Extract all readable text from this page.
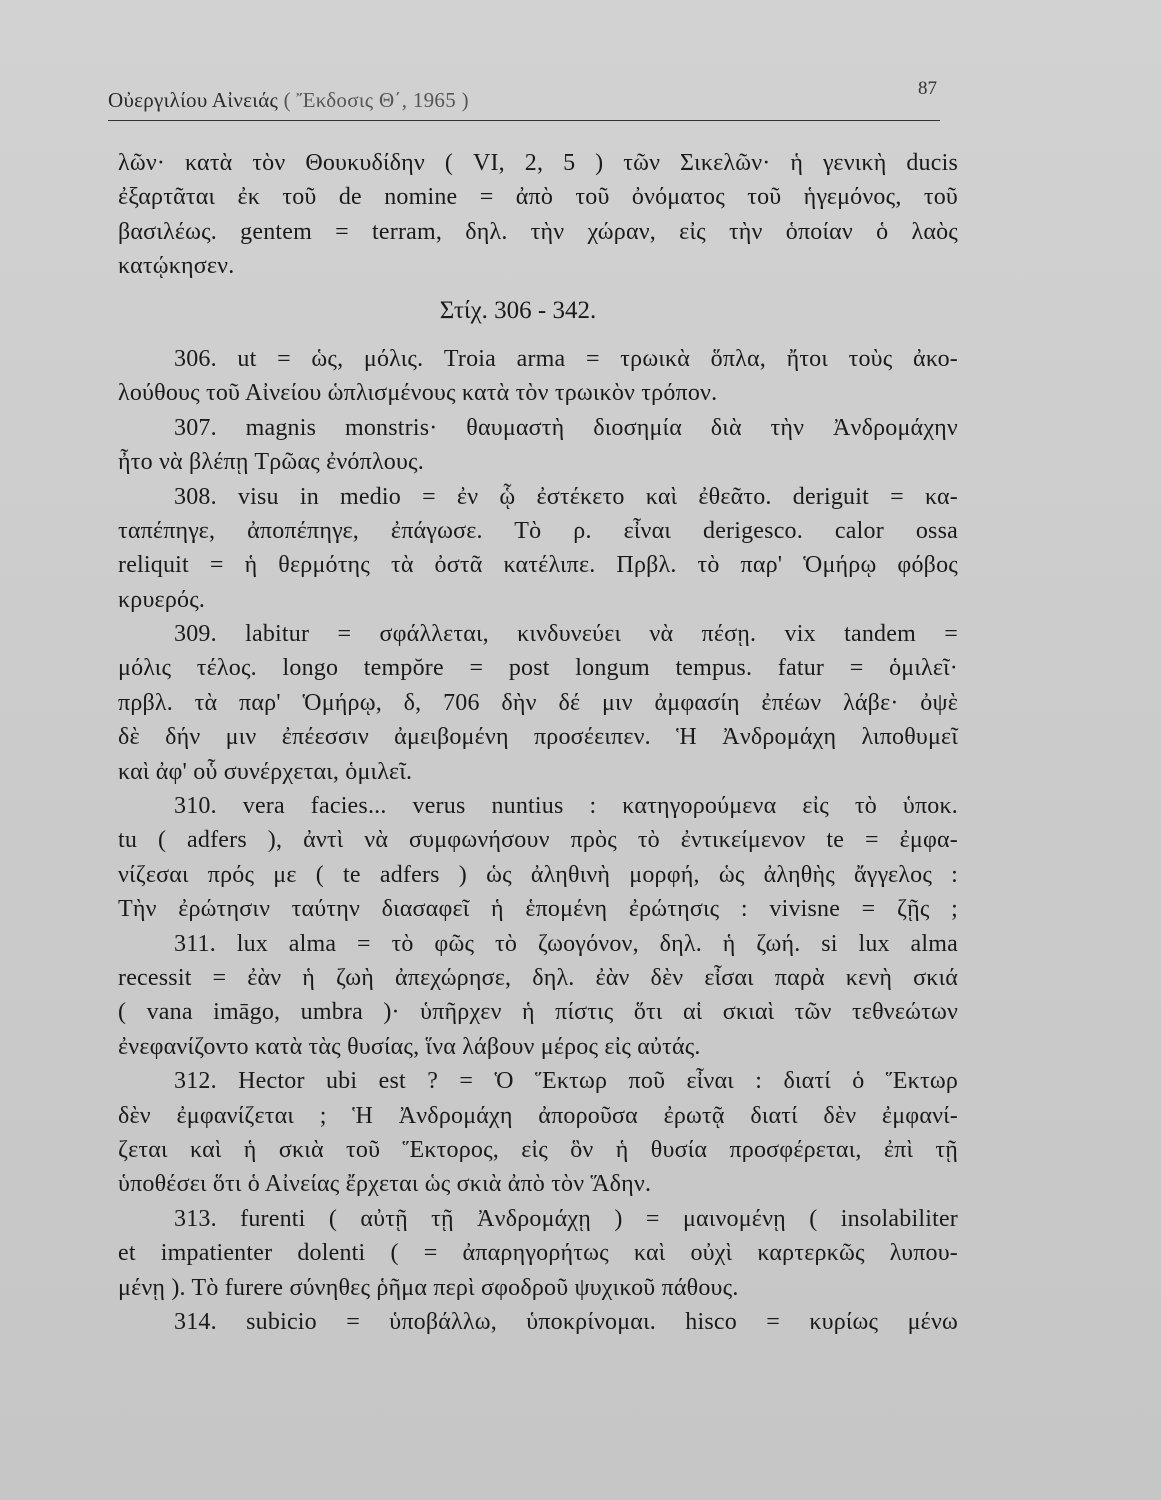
Οὐεργιλίου Αἰνειάς ( Ἔκδοσις Θ΄, 1965 )	87
λῶν· κατὰ τὸν Θουκυδίδην ( VI, 2, 5 ) τῶν Σικελῶν· ἡ γενικὴ ducis
ἐξαρτᾶται ἐκ τοῦ de nomine = ἀπὸ τοῦ ὀνόματος τοῦ ἡγεμόνος, τοῦ
βασιλέως. gentem = terram, δηλ. τὴν χώραν, εἰς τὴν ὁποίαν ὁ λαὸς
κατῴκησεν.
Στίχ. 306 - 342.
306. ut = ὡς, μόλις. Troia arma = τρωικὰ ὅπλα, ἤτοι τοὺς ἀκο-
λούθους τοῦ Αἰνείου ὡπλισμένους κατὰ τὸν τρωικὸν τρόπον.
307. magnis monstris· θαυμαστὴ διοσημία διὰ τὴν Ἀνδρομάχην
ἦτο νὰ βλέπῃ Τρῶας ἐνόπλους.
308. visu in medio = ἐν ᾧ ἐστέκετο καὶ ἐθεᾶτο. deriguit = κα-
ταπέπηγε, ἀποπέπηγε, ἐπάγωσε. Τὸ ρ. εἶναι derigesco. calor ossa
reliquit = ἡ θερμότης τὰ ὀστᾶ κατέλιπε. Πρβλ. τὸ παρ' Ὁμήρῳ φόβος
κρυερός.
309. labitur = σφάλλεται, κινδυνεύει νὰ πέσῃ. vix tandem =
μόλις τέλος. longo tempŏre = post longum tempus. fatur = ὁμιλεῖ·
πρβλ. τὰ παρ' Ὁμήρῳ, δ, 706 δὴν δέ μιν ἀμφασίη ἐπέων λάβε· ὀψὲ
δὲ δήν μιν ἐπέεσσιν ἀμειβομένη προσέειπεν. Ἡ Ἀνδρομάχη λιποθυμεῖ
καὶ ἀφ' οὗ συνέρχεται, ὁμιλεῖ.
310. vera facies... verus nuntius : κατηγορούμενα εἰς τὸ ὑποκ.
tu ( adfers ), ἀντὶ νὰ συμφωνήσουν πρὸς τὸ ἐντικείμενον te = ἐμφα-
νίζεσαι πρός με ( te adfers ) ὡς ἀληθινὴ μορφή, ὡς ἀληθὴς ἄγγελος :
Τὴν ἐρώτησιν ταύτην διασαφεῖ ἡ ἑπομένη ἐρώτησις : vivisne = ζῇς ;
311. lux alma = τὸ φῶς τὸ ζωογόνον, δηλ. ἡ ζωή. si lux alma
recessit = ἐὰν ἡ ζωὴ ἀπεχώρησε, δηλ. ἐὰν δὲν εἶσαι παρὰ κενὴ σκιά
( vana imāgo, umbra )· ὑπῆρχεν ἡ πίστις ὅτι αἱ σκιαὶ τῶν τεθνεώτων
ἐνεφανίζοντο κατὰ τὰς θυσίας, ἵνα λάβουν μέρος εἰς αὐτάς.
312. Hector ubi est ? = Ὁ Ἕκτωρ ποῦ εἶναι : διατί ὁ Ἕκτωρ
δὲν ἐμφανίζεται ; Ἡ Ἀνδρομάχη ἀποροῦσα ἐρωτᾷ διατί δὲν ἐμφανί-
ζεται καὶ ἡ σκιὰ τοῦ Ἕκτορος, εἰς ὃν ἡ θυσία προσφέρεται, ἐπὶ τῇ
ὑποθέσει ὅτι ὁ Αἰνείας ἔρχεται ὡς σκιὰ ἀπὸ τὸν Ἅδην.
313. furenti ( αὐτῇ τῇ Ἀνδρομάχῃ ) = μαινομένῃ ( insolabiliter
et impatienter dolenti ( = ἀπαρηγορήτως καὶ οὐχὶ καρτερκῶς λυπου-
μένῃ ). Τὸ furere σύνηθες ῥῆμα περὶ σφοδροῦ ψυχικοῦ πάθους.
314. subicio = ὑποβάλλω, ὑποκρίνομαι. hisco = κυρίως μένω
